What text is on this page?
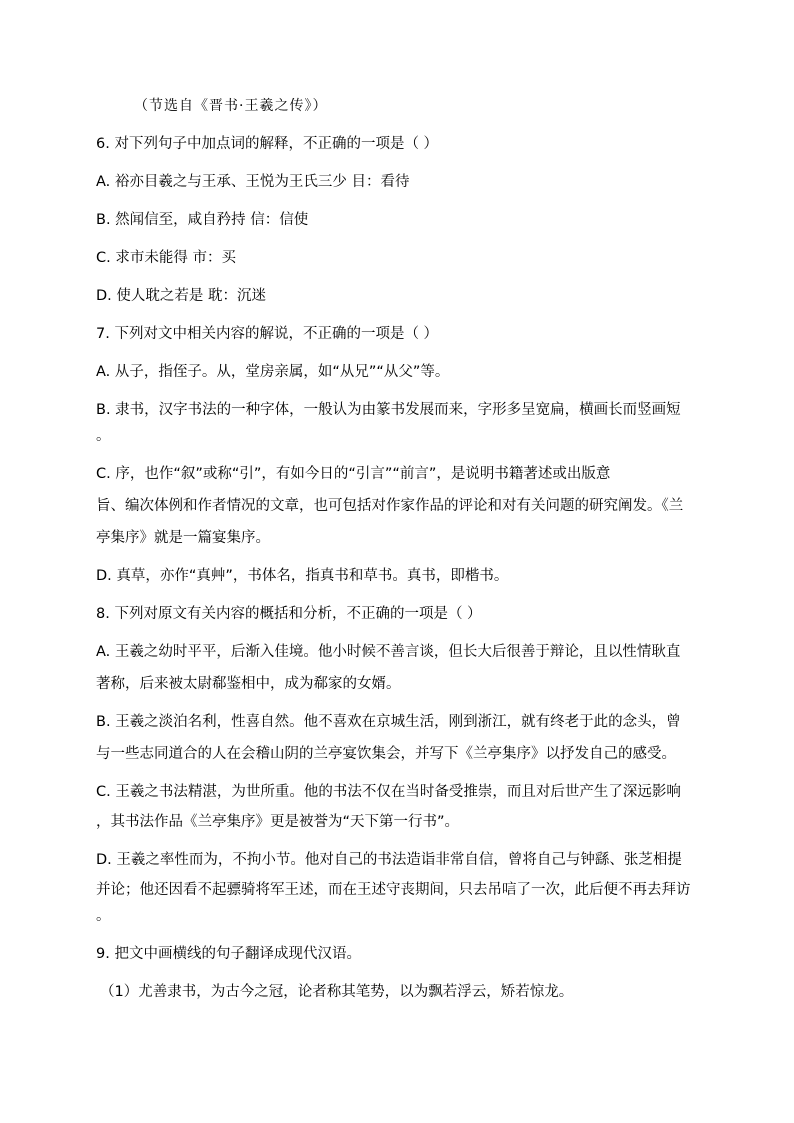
（节选自《晋书·王羲之传》）
6. 对下列句子中加点词的解释，不正确的一项是（ ）
A. 裕亦目羲之与王承、王悦为王氏三少 目：看待
B. 然闻信至，咸自矜持 信：信使
C. 求市未能得 市：买
D. 使人耽之若是 耽：沉迷
7. 下列对文中相关内容的解说，不正确的一项是（ ）
A. 从子，指侄子。从，堂房亲属，如“从兄”“从父”等。
B. 隶书，汉字书法的一种字体，一般认为由篆书发展而来，字形多呈宽扁，横画长而竖画短
。
C. 序，也作“叙”或称“引”，有如今日的“引言”“前言”，是说明书籍著述或出版意
旨、编次体例和作者情况的文章，也可包括对作家作品的评论和对有关问题的研究阐发。《兰
亭集序》就是一篇宴集序。
D. 真草，亦作“真艸”，书体名，指真书和草书。真书，即楷书。
8. 下列对原文有关内容的概括和分析，不正确的一项是（ ）
A. 王羲之幼时平平，后渐入佳境。他小时候不善言谈，但长大后很善于辩论，且以性情耿直
著称，后来被太尉郗鉴相中，成为郗家的女婿。
B. 王羲之淡泊名利，性喜自然。他不喜欢在京城生活，刚到浙江，就有终老于此的念头，曾
与一些志同道合的人在会稽山阴的兰亭宴饮集会，并写下《兰亭集序》以抒发自己的感受。
C. 王羲之书法精湛，为世所重。他的书法不仅在当时备受推崇，而且对后世产生了深远影响
，其书法作品《兰亭集序》更是被誉为“天下第一行书”。
D. 王羲之率性而为，不拘小节。他对自己的书法造诣非常自信，曾将自己与钟繇、张芝相提
并论；他还因看不起骠骑将军王述，而在王述守丧期间，只去吊唁了一次，此后便不再去拜访
。
9. 把文中画横线的句子翻译成现代汉语。
（1）尤善隶书，为古今之冠，论者称其笔势，以为飘若浮云，矫若惊龙。
